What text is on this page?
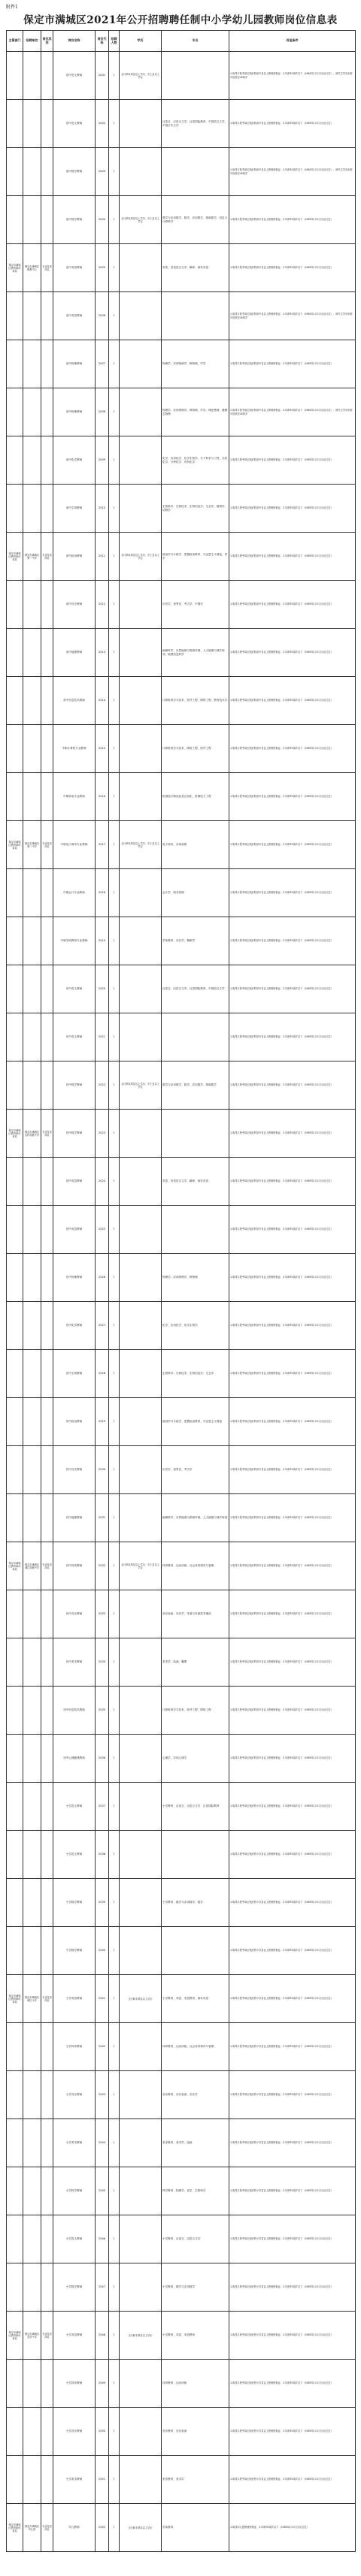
附件1
保定市满城区2021年公开招聘聘任制中小学幼儿园教师岗位信息表
主管部门	招聘单位	岗位类别	岗位名称	岗位代码	招聘人数	学历	专业	其他条件
			高中语文教师	2001	1	全日制本科及以上学历，学士及以上学位		1.取得与报考岗位相应的高中及以上教师资格证；2.年龄35周岁以下（1985年1月1日以后出生），研究生学历年龄可放宽至40周岁
			高中语文教师	2002	1		汉语言、汉语言文学、汉语国际教育、中国语言文学、中国古代文学	1.取得与报考岗位相应的高中及以上教师资格证；2.年龄35周岁以下（1985年1月1日以后出生）
			高中数学教师	2003	1			1.取得与报考岗位相应的高中及以上教师资格证；2.年龄35周岁以下（1985年1月1日以后出生），研究生学历年龄可放宽至40周岁
			高中数学教师	2004	1	全日制本科及以上学历，学士及以上学位	数学与应用数学、数学、应用数学、基础数学、信息与计算科学	1.取得与报考岗位相应的高中及以上教师资格证；2.年龄35周岁以下（1985年1月1日以后出生）
保定市满城区教育和体育局	保定市满城区职教中心	专业技术岗位	高中英语教师	2005	1		英语、英语语言文学、翻译、商务英语	1.取得与报考岗位相应的高中及以上教师资格证；2.年龄35周岁以下（1985年1月1日以后出生）
			高中英语教师	2006	1			1.取得与报考岗位相应的高中及以上教师资格证；2.年龄35周岁以下（1985年1月1日以后出生），研究生学历年龄可放宽至40周岁
			高中物理教师	2007	1		物理学、应用物理学、核物理、声学	1.取得与报考岗位相应的高中及以上教师资格证；2.年龄35周岁以下（1985年1月1日以后出生）
			高中物理教师	2008	1		物理学、应用物理学、核物理、声学、理论物理、凝聚态物理	1.取得与报考岗位相应的高中及以上教师资格证；2.年龄35周岁以下（1985年1月1日以后出生），研究生学历年龄可放宽至40周岁
			高中化学教师	2009	1		化学、应用化学、化学生物学、分子科学与工程、无机化学、分析化学、有机化学	1.取得与报考岗位相应的高中及以上教师资格证；2.年龄35周岁以下（1985年1月1日以后出生）
			高中生物教师	2010	1		生物科学、生物技术、生物信息学、生态学、植物学、动物学	1.取得与报考岗位相应的高中及以上教师资格证；2.年龄35周岁以下（1985年1月1日以后出生）
保定市满城区教育和体育局	保定市满城区第一中学	专业技术岗位	高中政治教师	2011	1	全日制本科及以上学历，学士及以上学位	政治学与行政学、思想政治教育、马克思主义理论、哲学	1.取得与报考岗位相应的高中及以上教师资格证；2.年龄35周岁以下（1985年1月1日以后出生）
			高中历史教师	2012	1		历史学、世界史、考古学、中国史	1.取得与报考岗位相应的高中及以上教师资格证；2.年龄35周岁以下（1985年1月1日以后出生）
			高中地理教师	2013	1		地理科学、自然地理与资源环境、人文地理与城乡规划、地理信息科学	1.取得与报考岗位相应的高中及以上教师资格证；2.年龄35周岁以下（1985年1月1日以后出生）
			高中信息技术教师	2014	1		计算机科学与技术、软件工程、网络工程、教育技术学	1.取得与报考岗位相应的高中及以上教师资格证；2.年龄35周岁以下（1985年1月1日以后出生）
			中职计算机专业教师	2015	1		计算机科学与技术、网络工程、软件工程	1.取得与报考岗位相应的高中及以上教师资格证；2.年龄35周岁以下（1985年1月1日以后出生）
			中职机电专业教师	2016	1		机械设计制造及其自动化、机械电子工程	1.取得与报考岗位相应的高中及以上教师资格证；2.年龄35周岁以下（1985年1月1日以后出生）
保定市满城区教育和体育局	保定市满城区第二中学	专业技术岗位	中职电子商务专业教师	2017	1	全日制本科及以上学历，学士及以上学位	电子商务、市场营销	1.取得与报考岗位相应的高中及以上教师资格证；2.年龄35周岁以下（1985年1月1日以后出生）
			中职会计专业教师	2018	1		会计学、财务管理	1.取得与报考岗位相应的高中及以上教师资格证；2.年龄35周岁以下（1985年1月1日以后出生）
			中职学前教育专业教师	2019	1		学前教育、音乐学、舞蹈学	1.取得与报考岗位相应的高中及以上教师资格证；2.年龄35周岁以下（1985年1月1日以后出生）
			初中语文教师	2020	1		汉语言、汉语言文学、汉语国际教育、中国语言文学	1.取得与报考岗位相应的初中及以上教师资格证；2.年龄35周岁以下（1985年1月1日以后出生）
			初中语文教师	2021	1			1.取得与报考岗位相应的初中及以上教师资格证；2.年龄35周岁以下（1985年1月1日以后出生）
			初中数学教师	2022	1	全日制本科及以上学历，学士及以上学位	数学与应用数学、数学、应用数学、基础数学	1.取得与报考岗位相应的初中及以上教师资格证；2.年龄35周岁以下（1985年1月1日以后出生）
保定市满城区教育和体育局	保定市满城区农村初级中学	专业技术岗位	初中数学教师	2023	1			1.取得与报考岗位相应的初中及以上教师资格证；2.年龄35周岁以下（1985年1月1日以后出生）
			初中英语教师	2024	1		英语、英语语言文学、翻译、商务英语	1.取得与报考岗位相应的初中及以上教师资格证；2.年龄35周岁以下（1985年1月1日以后出生）
			初中英语教师	2025	1			1.取得与报考岗位相应的初中及以上教师资格证；2.年龄35周岁以下（1985年1月1日以后出生）
			初中物理教师	2026	1		物理学、应用物理学、核物理	1.取得与报考岗位相应的初中及以上教师资格证；2.年龄35周岁以下（1985年1月1日以后出生）
			初中化学教师	2027	1		化学、应用化学、化学生物学	1.取得与报考岗位相应的初中及以上教师资格证；2.年龄35周岁以下（1985年1月1日以后出生）
			初中生物教师	2028	1		生物科学、生物技术、生物信息学、生态学	1.取得与报考岗位相应的初中及以上教师资格证；2.年龄35周岁以下（1985年1月1日以后出生）
			初中政治教师	2029	1		政治学与行政学、思想政治教育、马克思主义理论	1.取得与报考岗位相应的初中及以上教师资格证；2.年龄35周岁以下（1985年1月1日以后出生）
			初中历史教师	2030	1		历史学、世界史、考古学	1.取得与报考岗位相应的初中及以上教师资格证；2.年龄35周岁以下（1985年1月1日以后出生）
			初中地理教师	2031	1		地理科学、自然地理与资源环境、人文地理与城乡规划	1.取得与报考岗位相应的初中及以上教师资格证；2.年龄35周岁以下（1985年1月1日以后出生）
保定市满城区教育和体育局	保定市满城区城区初级中学	专业技术岗位	初中体育教师	2032	1	全日制本科及以上学历，学士及以上学位	体育教育、运动训练、社会体育指导与管理	1.取得与报考岗位相应的初中及以上教师资格证；2.年龄35周岁以下（1985年1月1日以后出生）
			初中音乐教师	2033	1		音乐表演、音乐学、作曲与作曲技术理论	1.取得与报考岗位相应的初中及以上教师资格证；2.年龄35周岁以下（1985年1月1日以后出生）
			初中美术教师	2034	1		美术学、绘画、雕塑	1.取得与报考岗位相应的初中及以上教师资格证；2.年龄35周岁以下（1985年1月1日以后出生）
			初中信息技术教师	2035	1		计算机科学与技术、软件工程、网络工程	1.取得与报考岗位相应的初中及以上教师资格证；2.年龄35周岁以下（1985年1月1日以后出生）
			初中心理健康教师	2036	1		心理学、应用心理学	1.取得与报考岗位相应的初中及以上教师资格证；2.年龄35周岁以下（1985年1月1日以后出生）
			小学语文教师	2037	1		小学教育、汉语言、汉语言文学、汉语国际教育	1.取得与报考岗位相应的小学及以上教师资格证；2.年龄35周岁以下（1985年1月1日以后出生）
			小学语文教师	2038	1			1.取得与报考岗位相应的小学及以上教师资格证；2.年龄35周岁以下（1985年1月1日以后出生）
			小学数学教师	2039	1		小学教育、数学与应用数学、数学	1.取得与报考岗位相应的小学及以上教师资格证；2.年龄35周岁以下（1985年1月1日以后出生）
			小学数学教师	2040	1			1.取得与报考岗位相应的小学及以上教师资格证；2.年龄35周岁以下（1985年1月1日以后出生）
保定市满城区教育和体育局	保定市满城区城区小学	专业技术岗位	小学英语教师	2041	1	全日制专科及以上学历	小学教育、英语、英语教育、商务英语	1.取得与报考岗位相应的小学及以上教师资格证；2.年龄35周岁以下（1985年1月1日以后出生）
			小学体育教师	2042	1		体育教育、运动训练、社会体育指导与管理	1.取得与报考岗位相应的小学及以上教师资格证；2.年龄35周岁以下（1985年1月1日以后出生）
			小学音乐教师	2043	1		音乐教育、音乐表演、音乐学	1.取得与报考岗位相应的小学及以上教师资格证；2.年龄35周岁以下（1985年1月1日以后出生）
			小学美术教师	2044	1		美术教育、美术学、绘画	1.取得与报考岗位相应的小学及以上教师资格证；2.年龄35周岁以下（1985年1月1日以后出生）
			小学科学教师	2045	1		科学教育、物理学、化学、生物科学	1.取得与报考岗位相应的小学及以上教师资格证；2.年龄35周岁以下（1985年1月1日以后出生）
			小学语文教师	2046	1		小学教育、汉语言、汉语言文学	1.取得与报考岗位相应的小学及以上教师资格证；2.年龄35周岁以下（1985年1月1日以后出生）
			小学数学教师	2047	1		小学教育、数学与应用数学	1.取得与报考岗位相应的小学及以上教师资格证；2.年龄35周岁以下（1985年1月1日以后出生）
保定市满城区教育和体育局	保定市满城区农村小学	专业技术岗位	小学英语教师	2048	1	全日制专科及以上学历	小学教育、英语、英语教育	1.取得与报考岗位相应的小学及以上教师资格证；2.年龄35周岁以下（1985年1月1日以后出生）
			小学体育教师	2049	1		体育教育、运动训练	1.取得与报考岗位相应的小学及以上教师资格证；2.年龄35周岁以下（1985年1月1日以后出生）
			小学音乐教师	2050	1		音乐教育、音乐表演	1.取得与报考岗位相应的小学及以上教师资格证；2.年龄35周岁以下（1985年1月1日以后出生）
			小学美术教师	2051	1		美术教育、美术学	1.取得与报考岗位相应的小学及以上教师资格证；2.年龄35周岁以下（1985年1月1日以后出生）
保定市满城区教育和体育局	保定市满城区幼儿园	专业技术岗位	幼儿教师	2052	1	全日制专科及以上学历	学前教育	1.取得幼儿园教师资格证；2.年龄35周岁以下（1985年1月1日以后出生）
